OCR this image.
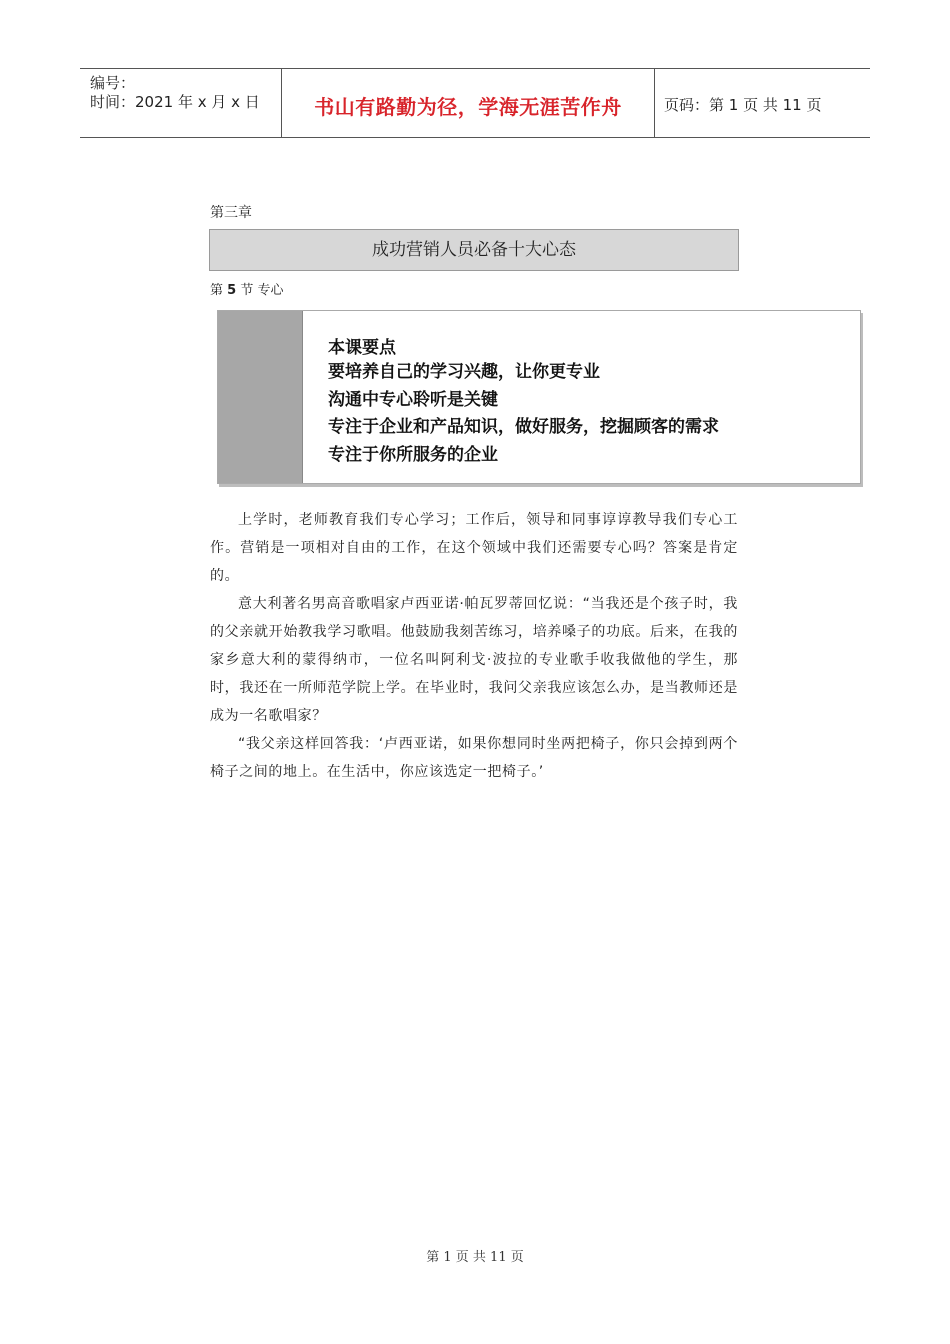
编号：
时间：2021 年 x 月 x 日	书山有路勤为径，学海无涯苦作舟	页码：第 1 页 共 11 页
第三章
成功营销人员必备十大心态
第 5 节 专心
本课要点
要培养自己的学习兴趣，让你更专业
沟通中专心聆听是关键
专注于企业和产品知识，做好服务，挖掘顾客的需求
专注于你所服务的企业

上学时，老师教育我们专心学习；工作后，领导和同事谆谆教导我们专心工作。营销是一项相对自由的工作，在这个领域中我们还需要专心吗？答案是肯定的。

意大利著名男高音歌唱家卢西亚诺·帕瓦罗蒂回忆说：“当我还是个孩子时，我的父亲就开始教我学习歌唱。他鼓励我刻苦练习，培养嗓子的功底。后来，在我的家乡意大利的蒙得纳市，一位名叫阿利戈·波拉的专业歌手收我做他的学生，那时，我还在一所师范学院上学。在毕业时，我问父亲我应该怎么办，是当教师还是成为一名歌唱家？

“我父亲这样回答我：‘卢西亚诺，如果你想同时坐两把椅子，你只会掉到两个椅子之间的地上。在生活中，你应该选定一把椅子。’

第 1 页 共 11 页
